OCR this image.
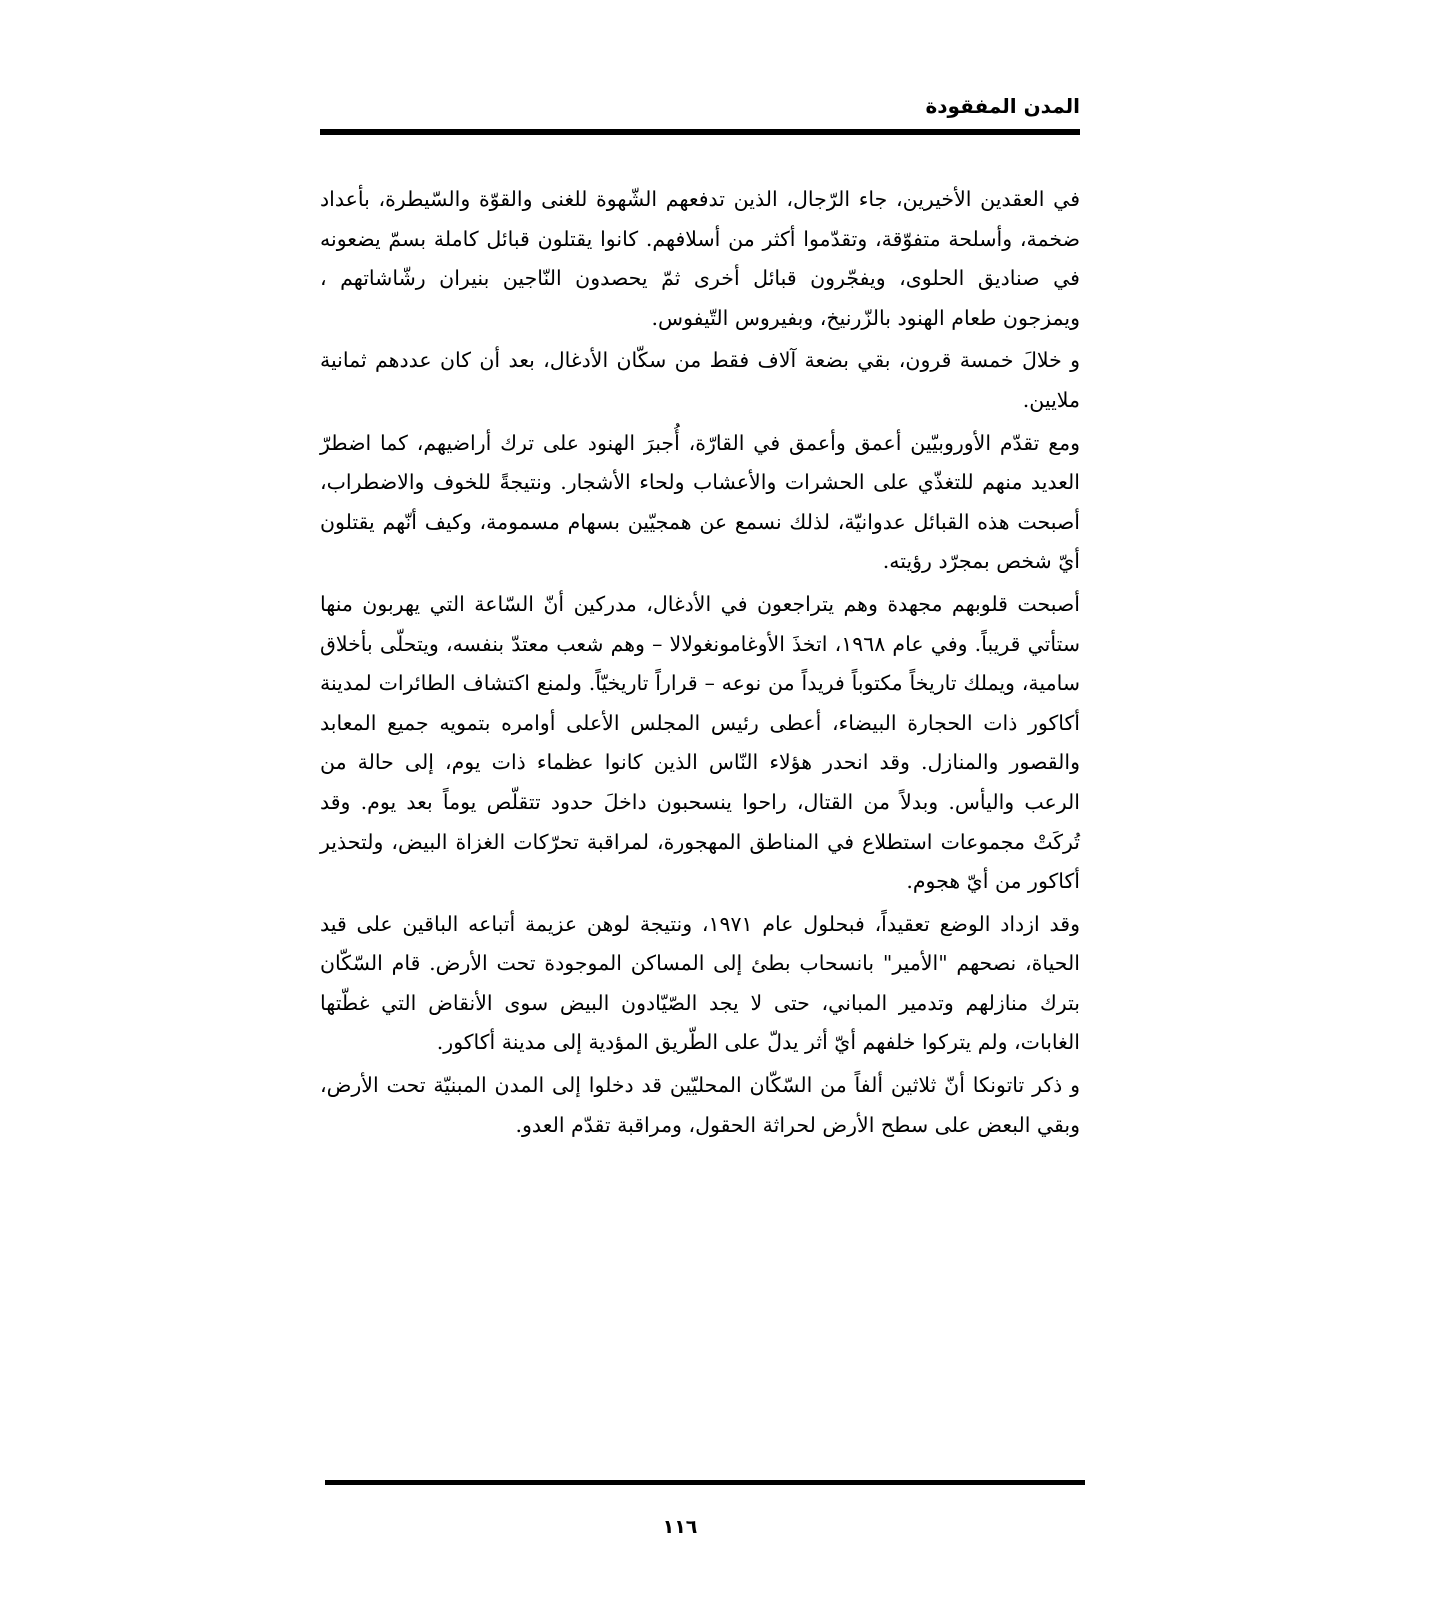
المدن المفقودة

في العقدين الأخيرين، جاء الرّجال، الذين تدفعهم الشّهوة للغنى والقوّة والسّيطرة، بأعداد ضخمة، وأسلحة متفوّقة، وتقدّموا أكثر من أسلافهم. كانوا يقتلون قبائل كاملة بسمّ يضعونه في صناديق الحلوى، ويفجّرون قبائل أخرى ثمّ يحصدون النّاجين بنيران رشّاشاتهم ، ويمزجون طعام الهنود بالزّرنيخ، وبفيروس التّيفوس.

و خلالَ خمسة قرون، بقي بضعة آلاف فقط من سكّان الأدغال، بعد أن كان عددهم ثمانية ملايين.

ومع تقدّم الأوروبيّين أعمق وأعمق في القارّة، أُجبرَ الهنود على ترك أراضيهم، كما اضطرّ العديد منهم للتغذّي على الحشرات والأعشاب ولحاء الأشجار. ونتيجةً للخوف والاضطراب، أصبحت هذه القبائل عدوانيّة، لذلك نسمع عن همجيّين بسهام مسمومة، وكيف أنّهم يقتلون أيّ شخص بمجرّد رؤيته.

أصبحت قلوبهم مجهدة وهم يتراجعون في الأدغال، مدركين أنّ السّاعة التي يهربون منها ستأتي قريباً. وفي عام ١٩٦٨، اتخذَ الأوغامونغولالا – وهم شعب معتدّ بنفسه، ويتحلّى بأخلاق سامية، ويملك تاريخاً مكتوباً فريداً من نوعه – قراراً تاريخيّاً. ولمنع اكتشاف الطائرات لمدينة أكاكور ذات الحجارة البيضاء، أعطى رئيس المجلس الأعلى أوامره بتمويه جميع المعابد والقصور والمنازل. وقد انحدر هؤلاء النّاس الذين كانوا عظماء ذات يوم، إلى حالة من الرعب واليأس. وبدلاً من القتال، راحوا ينسحبون داخلَ حدود تتقلّص يوماً بعد يوم. وقد تُركَتْ مجموعات استطلاع في المناطق المهجورة، لمراقبة تحرّكات الغزاة البيض، ولتحذير أكاكور من أيّ هجوم.

وقد ازداد الوضع تعقيداً، فبحلول عام ١٩٧١، ونتيجة لوهن عزيمة أتباعه الباقين على قيد الحياة، نصحهم "الأمير" بانسحاب بطئ إلى المساكن الموجودة تحت الأرض. قام السّكّان بترك منازلهم وتدمير المباني، حتى لا يجد الصّيّادون البيض سوى الأنقاض التي غطّتها الغابات، ولم يتركوا خلفهم أيّ أثر يدلّ على الطّريق المؤدية إلى مدينة أكاكور.

و ذكر تاتونكا أنّ ثلاثين ألفاً من السّكّان المحليّين قد دخلوا إلى المدن المبنيّة تحت الأرض، وبقي البعض على سطح الأرض لحراثة الحقول، ومراقبة تقدّم العدو.

١١٦
